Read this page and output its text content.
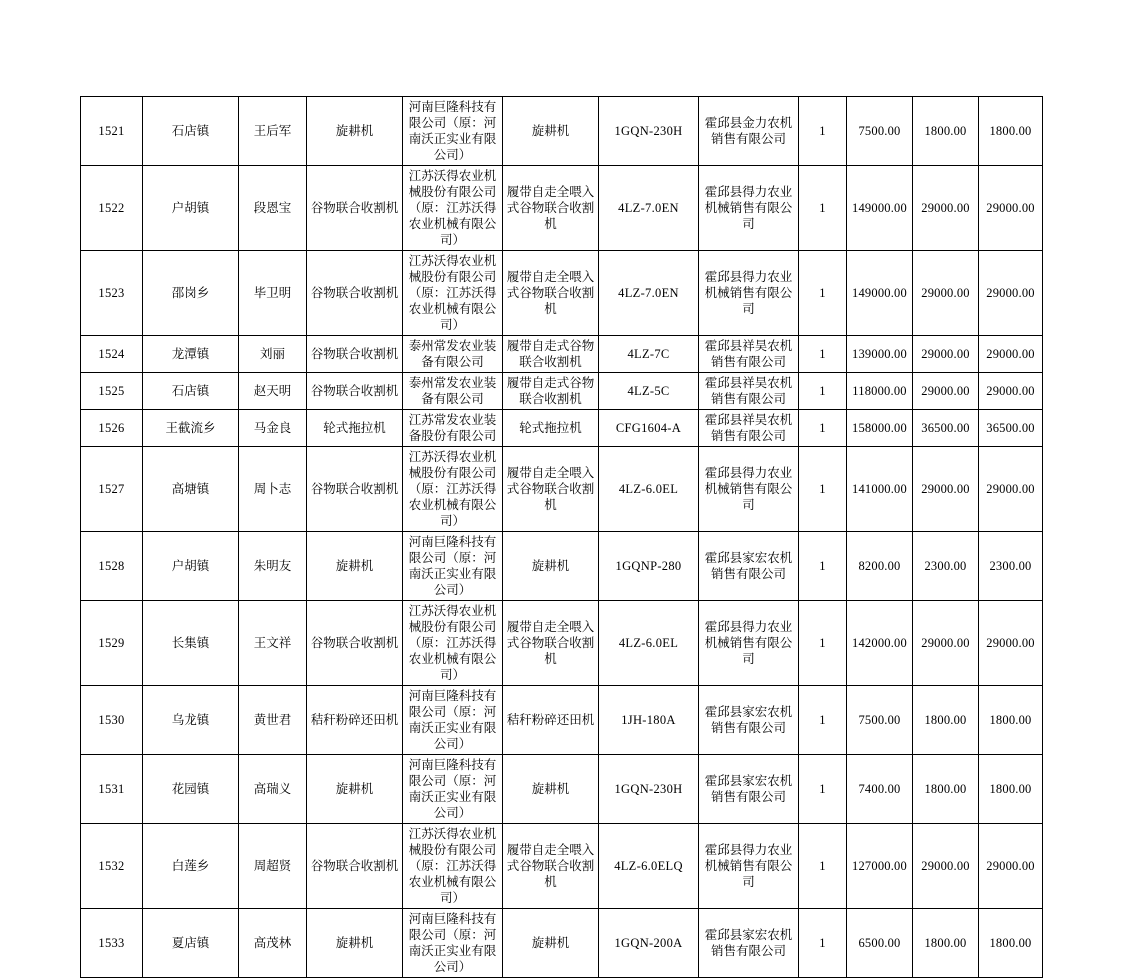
1521	石店镇	王后军	旋耕机	河南巨隆科技有限公司（原：河南沃正实业有限公司）	旋耕机	1GQN-230H	霍邱县金力农机销售有限公司	1	7500.00	1800.00	1800.00
1522	户胡镇	段恩宝	谷物联合收割机	江苏沃得农业机械股份有限公司（原：江苏沃得农业机械有限公司）	履带自走全喂入式谷物联合收割机	4LZ-7.0EN	霍邱县得力农业机械销售有限公司	1	149000.00	29000.00	29000.00
1523	邵岗乡	毕卫明	谷物联合收割机	江苏沃得农业机械股份有限公司（原：江苏沃得农业机械有限公司）	履带自走全喂入式谷物联合收割机	4LZ-7.0EN	霍邱县得力农业机械销售有限公司	1	149000.00	29000.00	29000.00
1524	龙潭镇	刘丽	谷物联合收割机	泰州常发农业装备有限公司	履带自走式谷物联合收割机	4LZ-7C	霍邱县祥昊农机销售有限公司	1	139000.00	29000.00	29000.00
1525	石店镇	赵天明	谷物联合收割机	泰州常发农业装备有限公司	履带自走式谷物联合收割机	4LZ-5C	霍邱县祥昊农机销售有限公司	1	118000.00	29000.00	29000.00
1526	王截流乡	马金良	轮式拖拉机	江苏常发农业装备股份有限公司	轮式拖拉机	CFG1604-A	霍邱县祥昊农机销售有限公司	1	158000.00	36500.00	36500.00
1527	高塘镇	周卜志	谷物联合收割机	江苏沃得农业机械股份有限公司（原：江苏沃得农业机械有限公司）	履带自走全喂入式谷物联合收割机	4LZ-6.0EL	霍邱县得力农业机械销售有限公司	1	141000.00	29000.00	29000.00
1528	户胡镇	朱明友	旋耕机	河南巨隆科技有限公司（原：河南沃正实业有限公司）	旋耕机	1GQNP-280	霍邱县家宏农机销售有限公司	1	8200.00	2300.00	2300.00
1529	长集镇	王文祥	谷物联合收割机	江苏沃得农业机械股份有限公司（原：江苏沃得农业机械有限公司）	履带自走全喂入式谷物联合收割机	4LZ-6.0EL	霍邱县得力农业机械销售有限公司	1	142000.00	29000.00	29000.00
1530	乌龙镇	黄世君	秸秆粉碎还田机	河南巨隆科技有限公司（原：河南沃正实业有限公司）	秸秆粉碎还田机	1JH-180A	霍邱县家宏农机销售有限公司	1	7500.00	1800.00	1800.00
1531	花园镇	高瑞义	旋耕机	河南巨隆科技有限公司（原：河南沃正实业有限公司）	旋耕机	1GQN-230H	霍邱县家宏农机销售有限公司	1	7400.00	1800.00	1800.00
1532	白莲乡	周超贤	谷物联合收割机	江苏沃得农业机械股份有限公司（原：江苏沃得农业机械有限公司）	履带自走全喂入式谷物联合收割机	4LZ-6.0ELQ	霍邱县得力农业机械销售有限公司	1	127000.00	29000.00	29000.00
1533	夏店镇	高茂林	旋耕机	河南巨隆科技有限公司（原：河南沃正实业有限公司）	旋耕机	1GQN-200A	霍邱县家宏农机销售有限公司	1	6500.00	1800.00	1800.00
